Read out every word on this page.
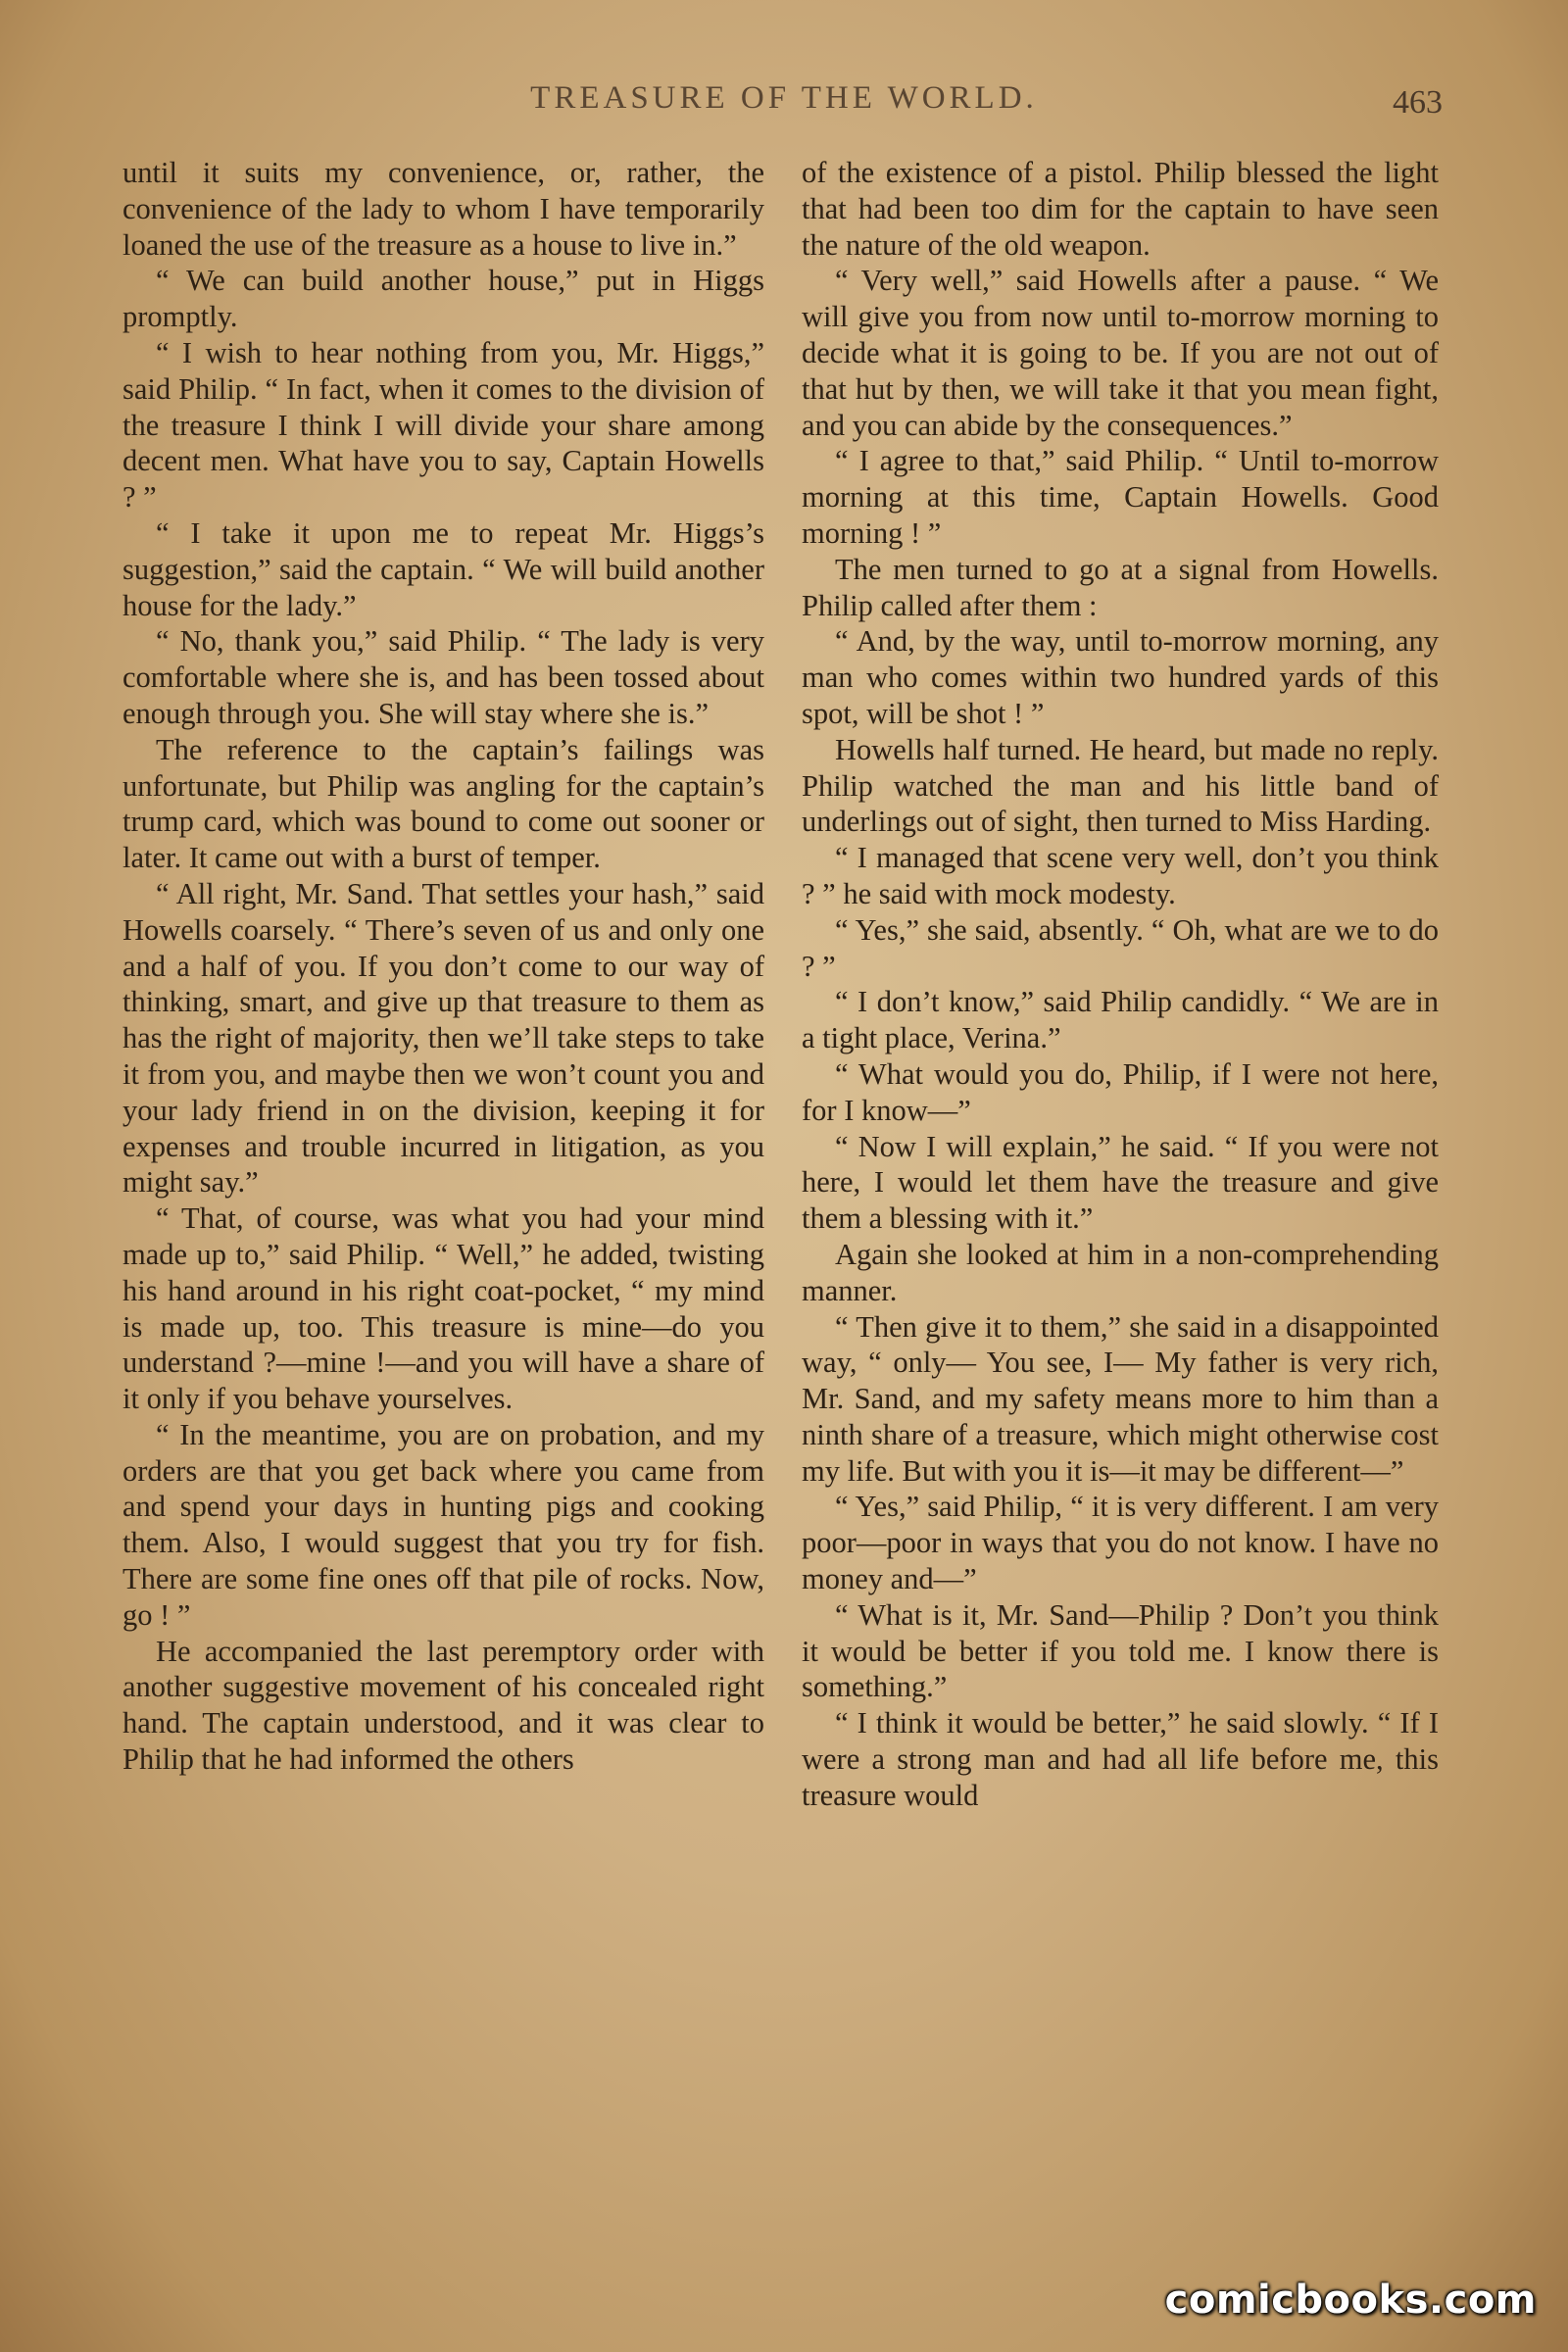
TREASURE OF THE WORLD.	463

until it suits my convenience, or, rather, the convenience of the lady to whom I have temporarily loaned the use of the treasure as a house to live in.”

“ We can build another house,” put in Higgs promptly.

“ I wish to hear nothing from you, Mr. Higgs,” said Philip. “ In fact, when it comes to the division of the treasure I think I will divide your share among decent men. What have you to say, Captain Howells ? ”

“ I take it upon me to repeat Mr. Higgs’s suggestion,” said the captain. “ We will build another house for the lady.”

“ No, thank you,” said Philip. “ The lady is very comfortable where she is, and has been tossed about enough through you. She will stay where she is.”

The reference to the captain’s failings was unfortunate, but Philip was angling for the captain’s trump card, which was bound to come out sooner or later. It came out with a burst of temper.

“ All right, Mr. Sand. That settles your hash,” said Howells coarsely. “ There’s seven of us and only one and a half of you. If you don’t come to our way of thinking, smart, and give up that treasure to them as has the right of majority, then we’ll take steps to take it from you, and maybe then we won’t count you and your lady friend in on the division, keeping it for expenses and trouble incurred in litigation, as you might say.”

“ That, of course, was what you had your mind made up to,” said Philip. “ Well,” he added, twisting his hand around in his right coat-pocket, “ my mind is made up, too. This treasure is mine—do you understand ?—mine !—and you will have a share of it only if you behave yourselves.

“ In the meantime, you are on probation, and my orders are that you get back where you came from and spend your days in hunting pigs and cooking them. Also, I would suggest that you try for fish. There are some fine ones off that pile of rocks. Now, go ! ”

He accompanied the last peremptory order with another suggestive movement of his concealed right hand. The captain understood, and it was clear to Philip that he had informed the others

of the existence of a pistol. Philip blessed the light that had been too dim for the captain to have seen the nature of the old weapon.

“ Very well,” said Howells after a pause. “ We will give you from now until to-morrow morning to decide what it is going to be. If you are not out of that hut by then, we will take it that you mean fight, and you can abide by the consequences.”

“ I agree to that,” said Philip. “ Until to-morrow morning at this time, Captain Howells. Good morning ! ”

The men turned to go at a signal from Howells. Philip called after them :

“ And, by the way, until to-morrow morning, any man who comes within two hundred yards of this spot, will be shot ! ”

Howells half turned. He heard, but made no reply. Philip watched the man and his little band of underlings out of sight, then turned to Miss Harding.

“ I managed that scene very well, don’t you think ? ” he said with mock modesty.

“ Yes,” she said, absently. “ Oh, what are we to do ? ”

“ I don’t know,” said Philip candidly. “ We are in a tight place, Verina.”

“ What would you do, Philip, if I were not here, for I know—”

“ Now I will explain,” he said. “ If you were not here, I would let them have the treasure and give them a blessing with it.”

Again she looked at him in a non-comprehending manner.

“ Then give it to them,” she said in a disappointed way, “ only— You see, I— My father is very rich, Mr. Sand, and my safety means more to him than a ninth share of a treasure, which might otherwise cost my life. But with you it is—it may be different—”

“ Yes,” said Philip, “ it is very different. I am very poor—poor in ways that you do not know. I have no money and—”

“ What is it, Mr. Sand—Philip ? Don’t you think it would be better if you told me. I know there is something.”

“ I think it would be better,” he said slowly. “ If I were a strong man and had all life before me, this treasure would

comicbooks.com
